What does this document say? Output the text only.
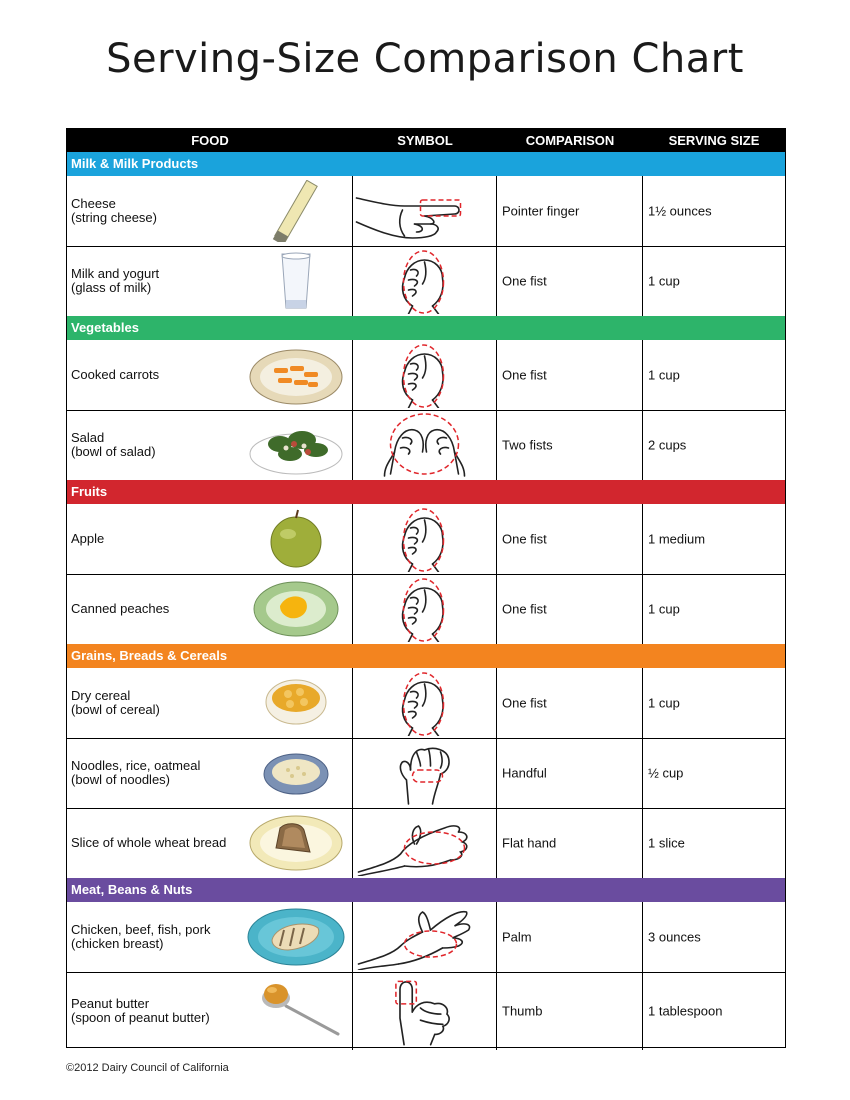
Serving-Size Comparison Chart
FOOD	SYMBOL	COMPARISON	SERVING SIZE
Milk & Milk Products
Cheese
(string cheese)	Pointer finger	1½ ounces
Milk and yogurt
(glass of milk)	One fist	1 cup
Vegetables
Cooked carrots	One fist	1 cup
Salad
(bowl of salad)	Two fists	2 cups
Fruits
Apple	One fist	1 medium
Canned peaches	One fist	1 cup
Grains, Breads & Cereals
Dry cereal
(bowl of cereal)	One fist	1 cup
Noodles, rice, oatmeal
(bowl of noodles)	Handful	½ cup
Slice of whole wheat bread	Flat hand	1 slice
Meat, Beans & Nuts
Chicken, beef, fish, pork
(chicken breast)	Palm	3 ounces
Peanut butter
(spoon of peanut butter)	Thumb	1 tablespoon
©2012 Dairy Council of California
